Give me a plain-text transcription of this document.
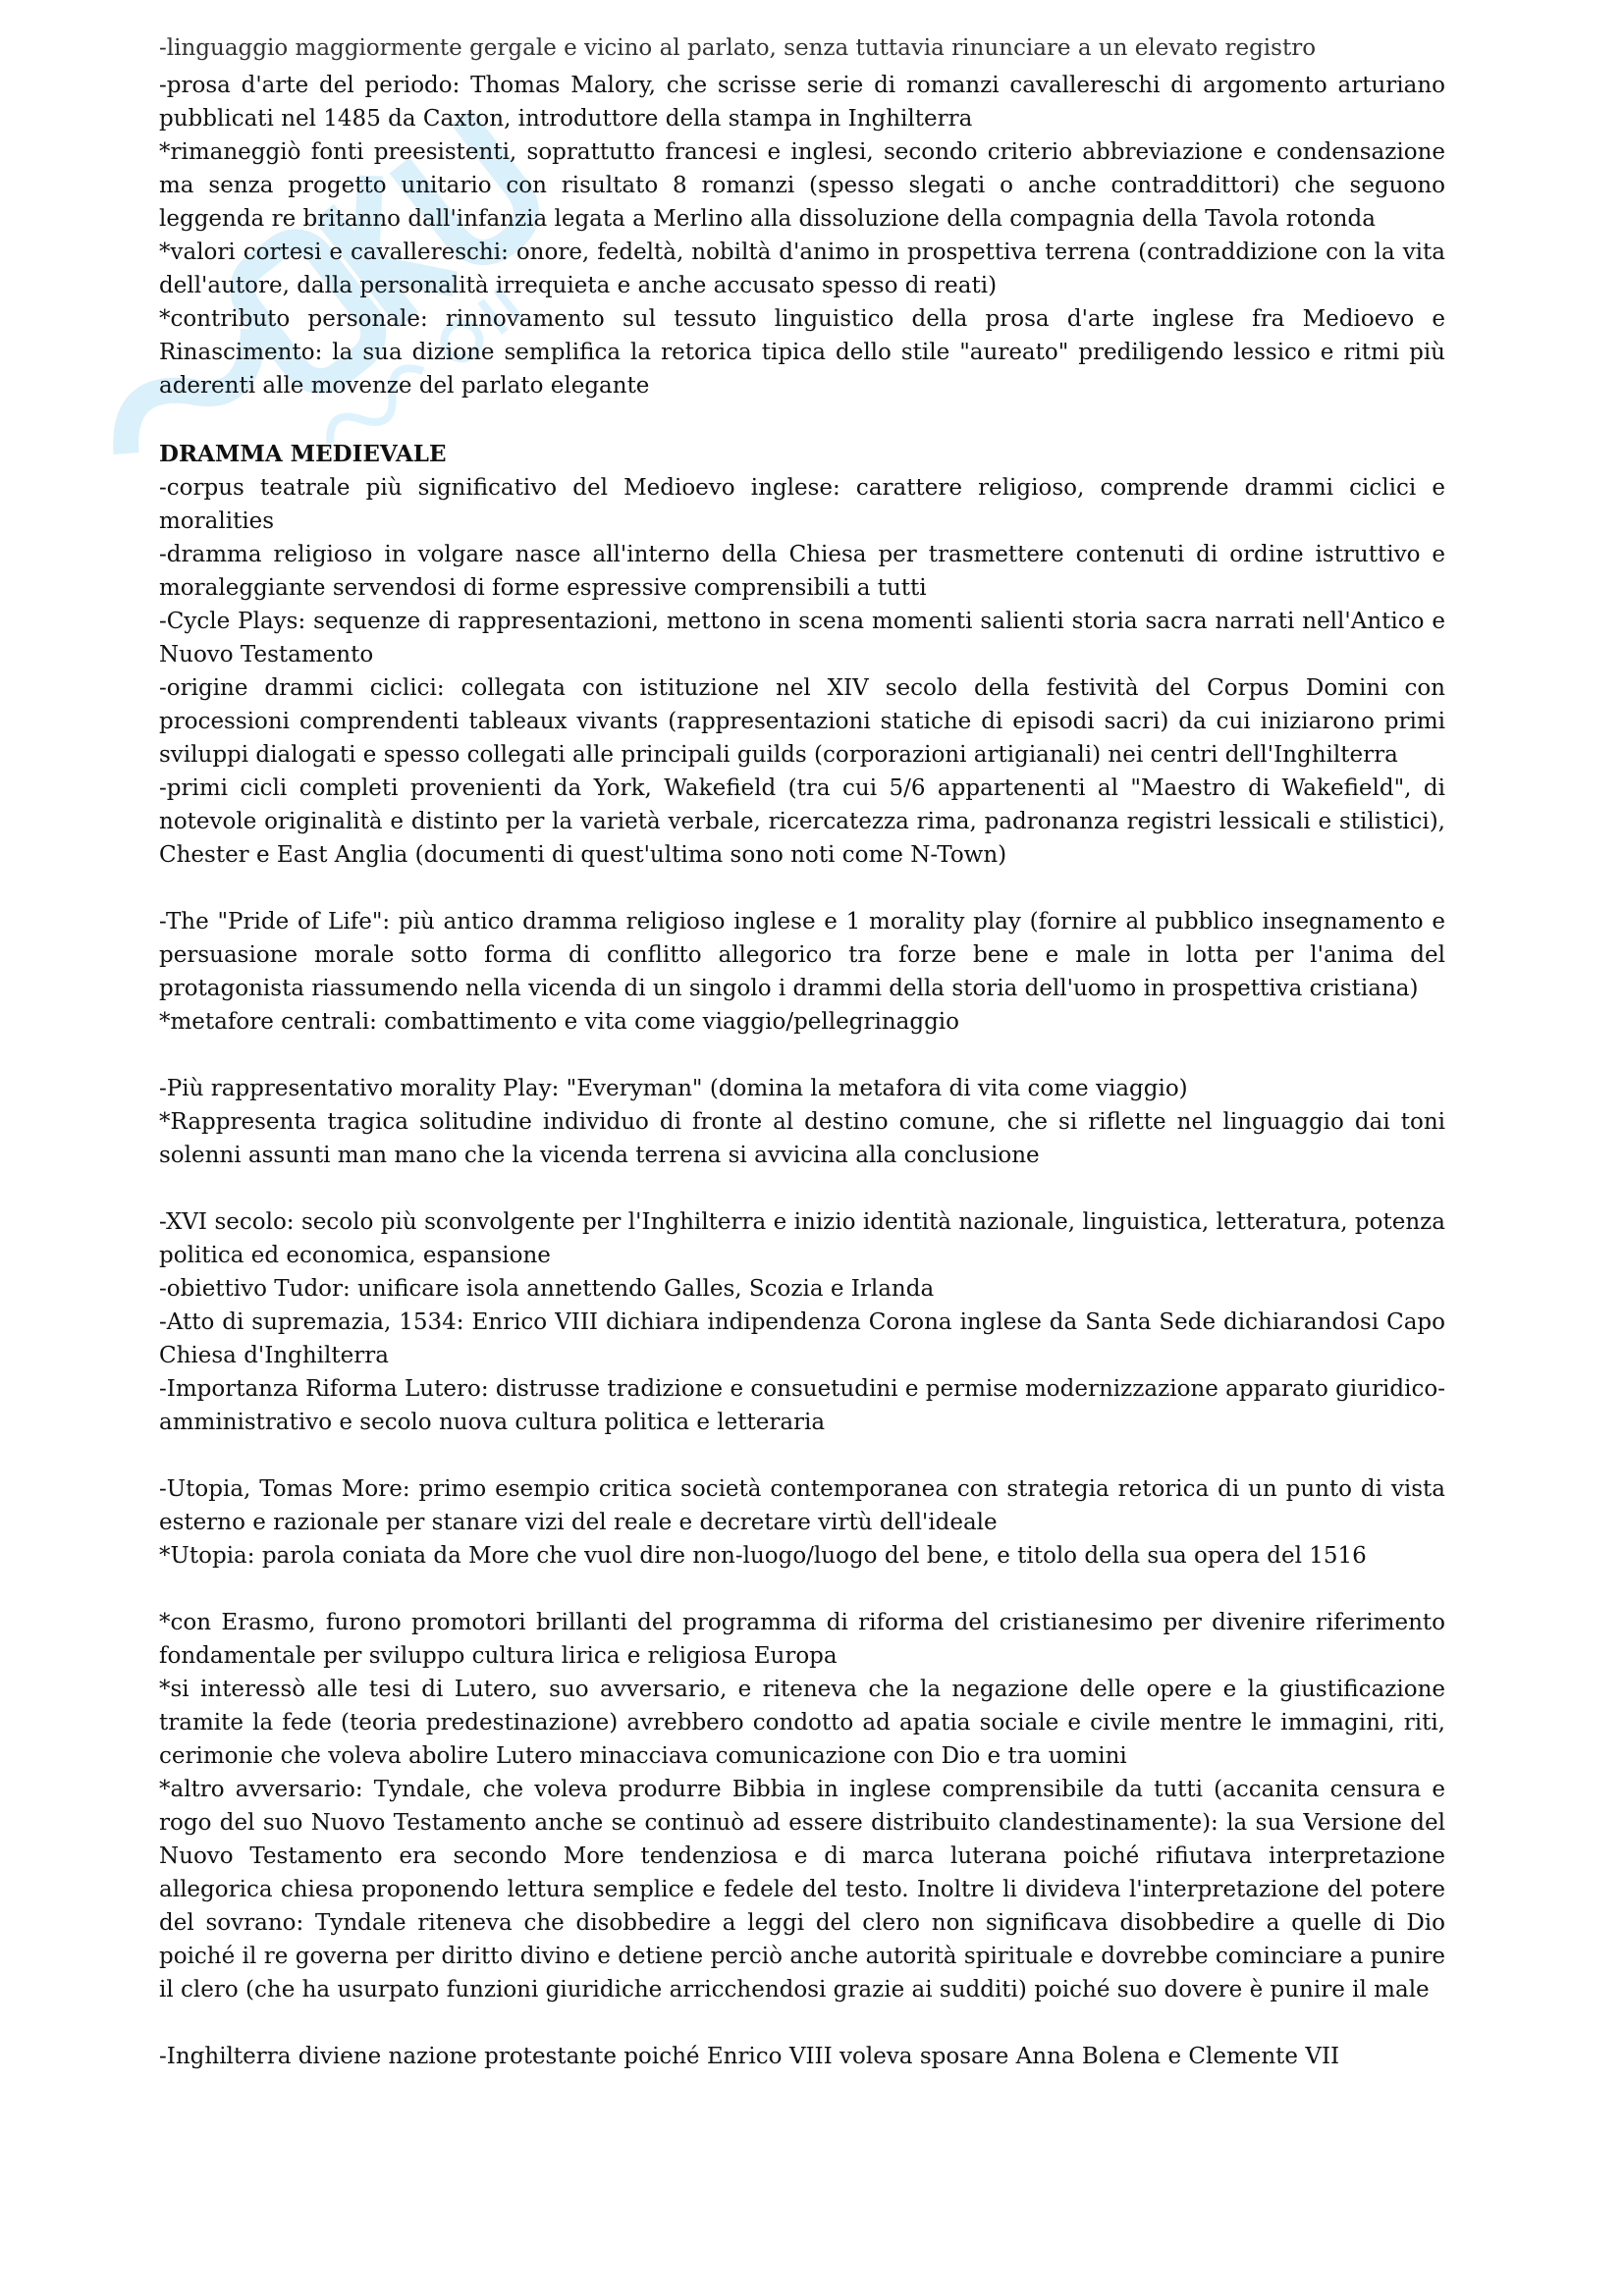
-linguaggio maggiormente gergale e vicino al parlato, senza tuttavia rinunciare a un elevato registro

-prosa d'arte del periodo: Thomas Malory, che scrisse serie di romanzi cavallereschi di argomento arturiano pubblicati nel 1485 da Caxton, introduttore della stampa in Inghilterra

*rimaneggiò fonti preesistenti, soprattutto francesi e inglesi, secondo criterio abbreviazione e condensazione ma senza progetto unitario con risultato 8 romanzi (spesso slegati o anche contraddittori) che seguono leggenda re britanno dall'infanzia legata a Merlino alla dissoluzione della compagnia della Tavola rotonda

*valori cortesi e cavallereschi: onore, fedeltà, nobiltà d'animo in prospettiva terrena (contraddizione con la vita dell'autore, dalla personalità irrequieta e anche accusato spesso di reati)

*contributo personale: rinnovamento sul tessuto linguistico della prosa d'arte inglese fra Medioevo e Rinascimento: la sua dizione semplifica la retorica tipica dello stile "aureato" prediligendo lessico e ritmi più aderenti alle movenze del parlato elegante

DRAMMA MEDIEVALE

-corpus teatrale più significativo del Medioevo inglese: carattere religioso, comprende drammi ciclici e moralities

-dramma religioso in volgare nasce all'interno della Chiesa per trasmettere contenuti di ordine istruttivo e moraleggiante servendosi di forme espressive comprensibili a tutti

-Cycle Plays: sequenze di rappresentazioni, mettono in scena momenti salienti storia sacra narrati nell'Antico e Nuovo Testamento

-origine drammi ciclici: collegata con istituzione nel XIV secolo della festività del Corpus Domini con processioni comprendenti tableaux vivants (rappresentazioni statiche di episodi sacri) da cui iniziarono primi sviluppi dialogati e spesso collegati alle principali guilds (corporazioni artigianali) nei centri dell'Inghilterra

-primi cicli completi provenienti da York, Wakefield (tra cui 5/6 appartenenti al "Maestro di Wakefield", di notevole originalità e distinto per la varietà verbale, ricercatezza rima, padronanza registri lessicali e stilistici), Chester e East Anglia (documenti di quest'ultima sono noti come N-Town)

-The "Pride of Life": più antico dramma religioso inglese e 1 morality play (fornire al pubblico insegnamento e persuasione morale sotto forma di conflitto allegorico tra forze bene e male in lotta per l'anima del protagonista riassumendo nella vicenda di un singolo i drammi della storia dell'uomo in prospettiva cristiana)

*metafore centrali: combattimento e vita come viaggio/pellegrinaggio

-Più rappresentativo morality Play: "Everyman" (domina la metafora di vita come viaggio)

*Rappresenta tragica solitudine individuo di fronte al destino comune, che si riflette nel linguaggio dai toni solenni assunti man mano che la vicenda terrena si avvicina alla conclusione

-XVI secolo: secolo più sconvolgente per l'Inghilterra e inizio identità nazionale, linguistica, letteratura, potenza politica ed economica, espansione

-obiettivo Tudor: unificare isola annettendo Galles, Scozia e Irlanda

-Atto di supremazia, 1534: Enrico VIII dichiara indipendenza Corona inglese da Santa Sede dichiarandosi Capo Chiesa d'Inghilterra

-Importanza Riforma Lutero: distrusse tradizione e consuetudini e permise modernizzazione apparato giuridico-amministrativo e secolo nuova cultura politica e letteraria

-Utopia, Tomas More: primo esempio critica società contemporanea con strategia retorica di un punto di vista esterno e razionale per stanare vizi del reale e decretare virtù dell'ideale

*Utopia: parola coniata da More che vuol dire non-luogo/luogo del bene, e titolo della sua opera del 1516

*con Erasmo, furono promotori brillanti del programma di riforma del cristianesimo per divenire riferimento fondamentale per sviluppo cultura lirica e religiosa Europa

*si interessò alle tesi di Lutero, suo avversario, e riteneva che la negazione delle opere e la giustificazione tramite la fede (teoria predestinazione) avrebbero condotto ad apatia sociale e civile mentre le immagini, riti, cerimonie che voleva abolire Lutero minacciava comunicazione con Dio e tra uomini

*altro avversario: Tyndale, che voleva produrre Bibbia in inglese comprensibile da tutti (accanita censura e rogo del suo Nuovo Testamento anche se continuò ad essere distribuito clandestinamente): la sua Versione del Nuovo Testamento era secondo More tendenziosa e di marca luterana poiché rifiutava interpretazione allegorica chiesa proponendo lettura semplice e fedele del testo. Inoltre li divideva l'interpretazione del potere del sovrano: Tyndale riteneva che disobbedire a leggi del clero non significava disobbedire a quelle di Dio poiché il re governa per diritto divino e detiene perciò anche autorità spirituale e dovrebbe cominciare a punire il clero (che ha usurpato funzioni giuridiche arricchendosi grazie ai sudditi) poiché suo dovere è punire il male

-Inghilterra diviene nazione protestante poiché Enrico VIII voleva sposare Anna Bolena e Clemente VII
